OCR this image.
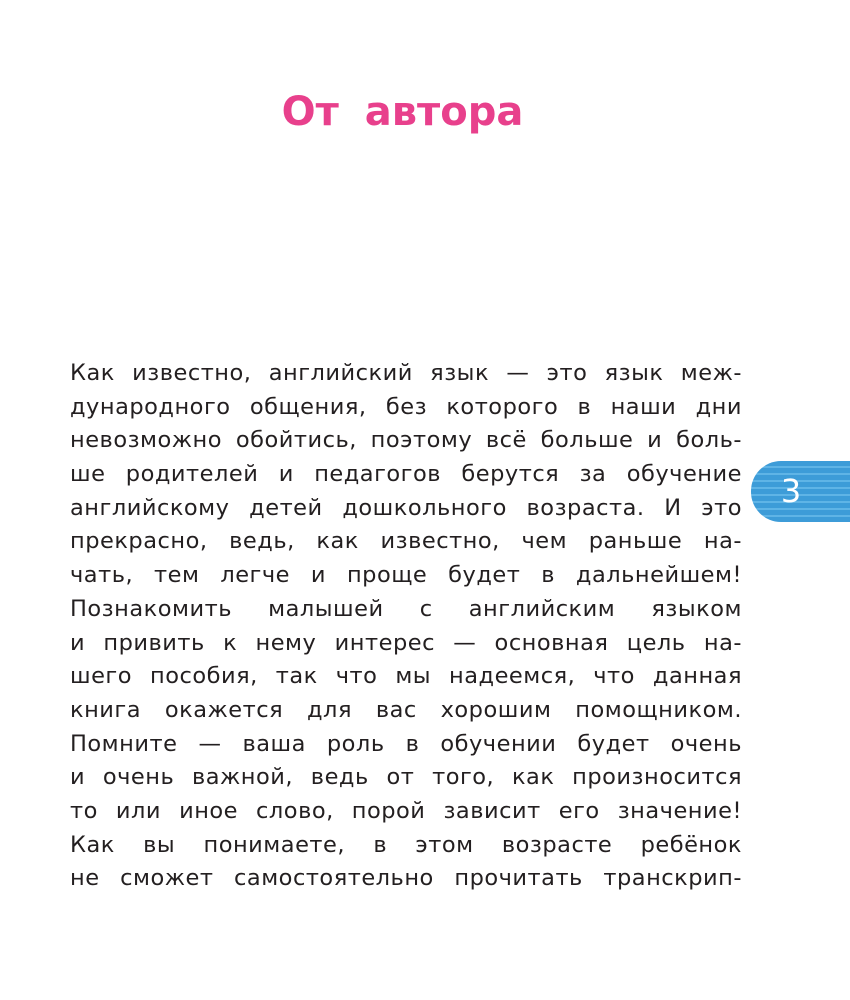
От автора
Как известно, английский язык — это язык меж-
дународного общения, без которого в наши дни
невозможно обойтись, поэтому всё больше и боль-
ше родителей и педагогов берутся за обучение
английскому детей дошкольного возраста. И это
прекрасно, ведь, как известно, чем раньше на-
чать, тем легче и проще будет в дальнейшем!
Познакомить малышей с английским языком
и привить к нему интерес — основная цель на-
шего пособия, так что мы надеемся, что данная
книга окажется для вас хорошим помощником.
Помните — ваша роль в обучении будет очень
и очень важной, ведь от того, как произносится
то или иное слово, порой зависит его значение!
Как вы понимаете, в этом возрасте ребёнок
не сможет самостоятельно прочитать транскрип-
3
